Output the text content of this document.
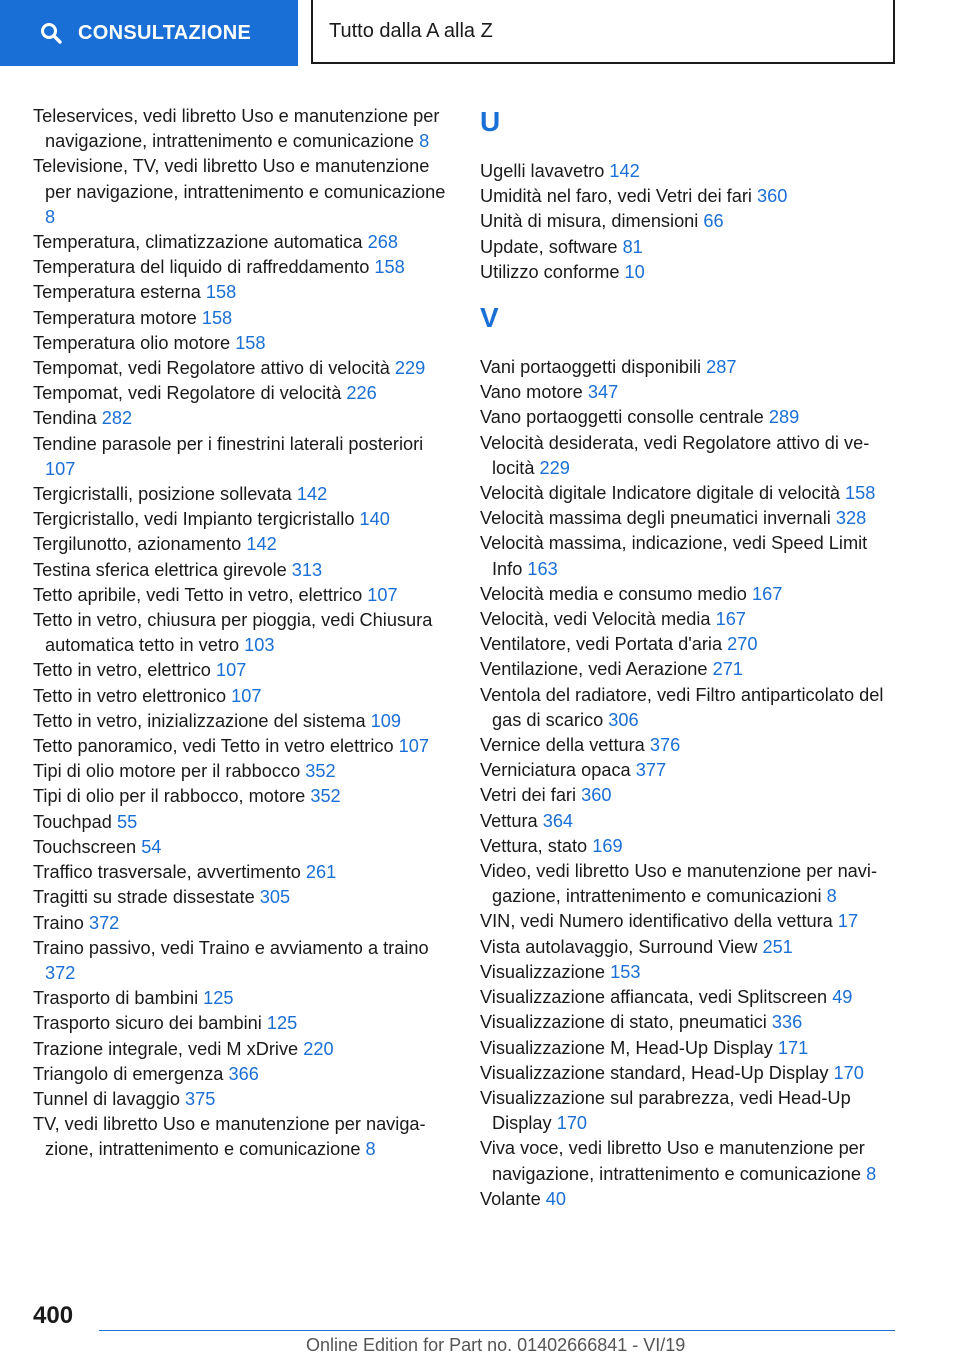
CONSULTAZIONE	Tutto dalla A alla Z
Teleservices, vedi libretto Uso e manutenzione per navigazione, intrattenimento e comunicazione 8
Televisione, TV, vedi libretto Uso e manutenzione per navigazione, intrattenimento e comunicazione 8
Temperatura, climatizzazione automatica 268
Temperatura del liquido di raffreddamento 158
Temperatura esterna 158
Temperatura motore 158
Temperatura olio motore 158
Tempomat, vedi Regolatore attivo di velocità 229
Tempomat, vedi Regolatore di velocità 226
Tendina 282
Tendine parasole per i finestrini laterali posteriori 107
Tergicristalli, posizione sollevata 142
Tergicristallo, vedi Impianto tergicristallo 140
Tergilunotto, azionamento 142
Testina sferica elettrica girevole 313
Tetto apribile, vedi Tetto in vetro, elettrico 107
Tetto in vetro, chiusura per pioggia, vedi Chiusura automatica tetto in vetro 103
Tetto in vetro, elettrico 107
Tetto in vetro elettronico 107
Tetto in vetro, inizializzazione del sistema 109
Tetto panoramico, vedi Tetto in vetro elettrico 107
Tipi di olio motore per il rabbocco 352
Tipi di olio per il rabbocco, motore 352
Touchpad 55
Touchscreen 54
Traffico trasversale, avvertimento 261
Tragitti su strade dissestate 305
Traino 372
Traino passivo, vedi Traino e avviamento a traino 372
Trasporto di bambini 125
Trasporto sicuro dei bambini 125
Trazione integrale, vedi M xDrive 220
Triangolo di emergenza 366
Tunnel di lavaggio 375
TV, vedi libretto Uso e manutenzione per navigazione, intrattenimento e comunicazione 8
U
Ugelli lavavetro 142
Umidità nel faro, vedi Vetri dei fari 360
Unità di misura, dimensioni 66
Update, software 81
Utilizzo conforme 10
V
Vani portaoggetti disponibili 287
Vano motore 347
Vano portaoggetti consolle centrale 289
Velocità desiderata, vedi Regolatore attivo di velocità 229
Velocità digitale Indicatore digitale di velocità 158
Velocità massima degli pneumatici invernali 328
Velocità massima, indicazione, vedi Speed Limit Info 163
Velocità media e consumo medio 167
Velocità, vedi Velocità media 167
Ventilatore, vedi Portata d'aria 270
Ventilazione, vedi Aerazione 271
Ventola del radiatore, vedi Filtro antiparticolato del gas di scarico 306
Vernice della vettura 376
Verniciatura opaca 377
Vetri dei fari 360
Vettura 364
Vettura, stato 169
Video, vedi libretto Uso e manutenzione per navigazione, intrattenimento e comunicazioni 8
VIN, vedi Numero identificativo della vettura 17
Vista autolavaggio, Surround View 251
Visualizzazione 153
Visualizzazione affiancata, vedi Splitscreen 49
Visualizzazione di stato, pneumatici 336
Visualizzazione M, Head-Up Display 171
Visualizzazione standard, Head-Up Display 170
Visualizzazione sul parabrezza, vedi Head-Up Display 170
Viva voce, vedi libretto Uso e manutenzione per navigazione, intrattenimento e comunicazione 8
Volante 40
400
Online Edition for Part no. 01402666841 - VI/19
